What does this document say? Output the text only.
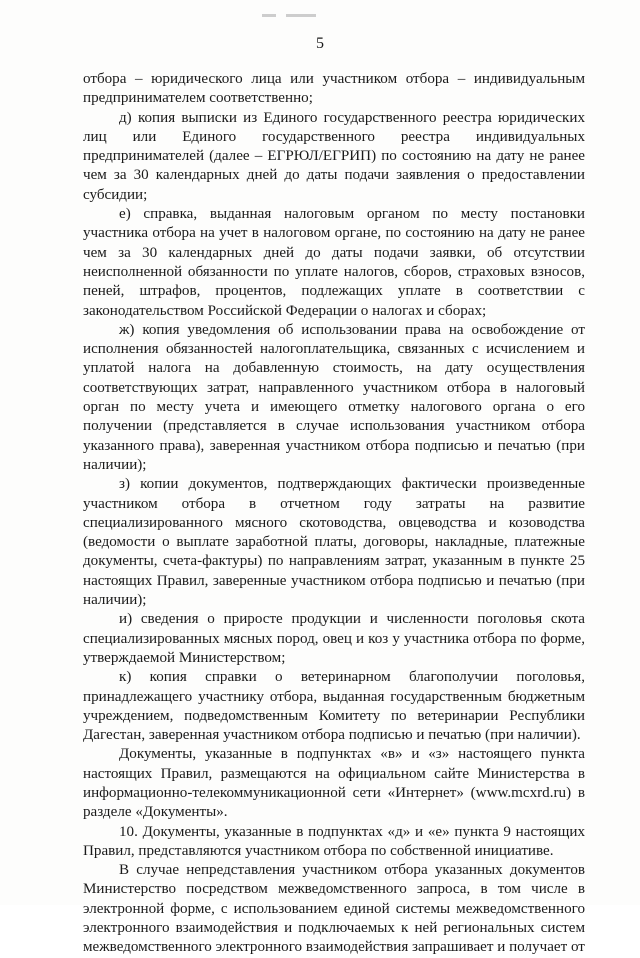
5

отбора – юридического лица или участником отбора – индивидуальным предпринимателем соответственно;

д) копия выписки из Единого государственного реестра юридических лиц или Единого государственного реестра индивидуальных предпринимателей (далее – ЕГРЮЛ/ЕГРИП) по состоянию на дату не ранее чем за 30 календарных дней до даты подачи заявления о предоставлении субсидии;

е) справка, выданная налоговым органом по месту постановки участника отбора на учет в налоговом органе, по состоянию на дату не ранее чем за 30 календарных дней до даты подачи заявки, об отсутствии неисполненной обязанности по уплате налогов, сборов, страховых взносов, пеней, штрафов, процентов, подлежащих уплате в соответствии с законодательством Российской Федерации о налогах и сборах;

ж) копия уведомления об использовании права на освобождение от исполнения обязанностей налогоплательщика, связанных с исчислением и уплатой налога на добавленную стоимость, на дату осуществления соответствующих затрат, направленного участником отбора в налоговый орган по месту учета и имеющего отметку налогового органа о его получении (представляется в случае использования участником отбора указанного права), заверенная участником отбора подписью и печатью (при наличии);

з) копии документов, подтверждающих фактически произведенные участником отбора в отчетном году затраты на развитие специализированного мясного скотоводства, овцеводства и козоводства (ведомости о выплате заработной платы, договоры, накладные, платежные документы, счета-фактуры) по направлениям затрат, указанным в пункте 25 настоящих Правил, заверенные участником отбора подписью и печатью (при наличии);

и) сведения о приросте продукции и численности поголовья скота специализированных мясных пород, овец и коз у участника отбора по форме, утверждаемой Министерством;

к) копия справки о ветеринарном благополучии поголовья, принадлежащего участнику отбора, выданная государственным бюджетным учреждением, подведомственным Комитету по ветеринарии Республики Дагестан, заверенная участником отбора подписью и печатью (при наличии).

Документы, указанные в подпунктах «в» и «з» настоящего пункта настоящих Правил, размещаются на официальном сайте Министерства в информационно-телекоммуникационной сети «Интернет» (www.mcxrd.ru) в разделе «Документы».

10. Документы, указанные в подпунктах «д» и «е» пункта 9 настоящих Правил, представляются участником отбора по собственной инициативе.

В случае непредставления участником отбора указанных документов Министерство посредством межведомственного запроса, в том числе в электронной форме, с использованием единой системы межведомственного электронного взаимодействия и подключаемых к ней региональных систем межведомственного электронного взаимодействия запрашивает и получает от
